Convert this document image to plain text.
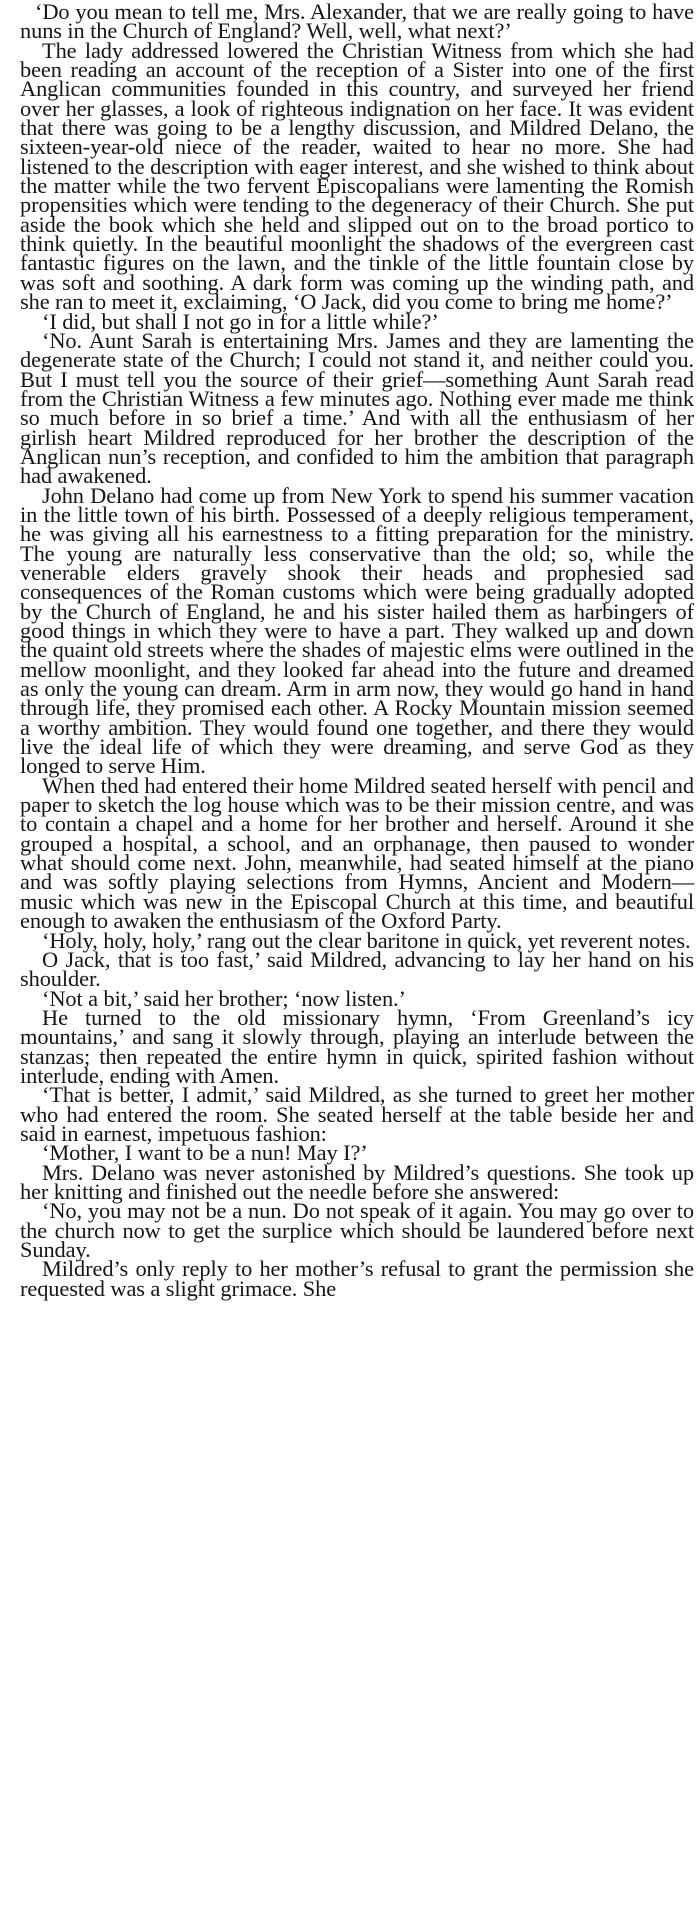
‘Do you mean to tell me, Mrs. Alexander, that we are really going to have nuns in the Church of England? Well, well, what next?’

The lady addressed lowered the Christian Witness from which she had been reading an account of the reception of a Sister into one of the first Anglican communities founded in this country, and surveyed her friend over her glasses, a look of righteous indignation on her face. It was evident that there was going to be a lengthy discussion, and Mildred Delano, the sixteen-year-old niece of the reader, waited to hear no more. She had listened to the description with eager interest, and she wished to think about the matter while the two fervent Episcopalians were lamenting the Romish propensities which were tending to the degeneracy of their Church. She put aside the book which she held and slipped out on to the broad portico to think quietly. In the beautiful moonlight the shadows of the evergreen cast fantastic figures on the lawn, and the tinkle of the little fountain close by was soft and soothing. A dark form was coming up the winding path, and she ran to meet it, exclaiming, ‘O Jack, did you come to bring me home?’

‘I did, but shall I not go in for a little while?’

‘No. Aunt Sarah is entertaining Mrs. James and they are lamenting the degenerate state of the Church; I could not stand it, and neither could you. But I must tell you the source of their grief—something Aunt Sarah read from the Christian Witness a few minutes ago. Nothing ever made me think so much before in so brief a time.’ And with all the enthusiasm of her girlish heart Mildred reproduced for her brother the description of the Anglican nun’s reception, and confided to him the ambition that paragraph had awakened.

John Delano had come up from New York to spend his summer vacation in the little town of his birth. Possessed of a deeply religious temperament, he was giving all his earnestness to a fitting preparation for the ministry. The young are naturally less conservative than the old; so, while the venerable elders gravely shook their heads and prophesied sad consequences of the Roman customs which were being gradually adopted by the Church of England, he and his sister hailed them as harbingers of good things in which they were to have a part. They walked up and down the quaint old streets where the shades of majestic elms were outlined in the mellow moonlight, and they looked far ahead into the future and dreamed as only the young can dream. Arm in arm now, they would go hand in hand through life, they promised each other. A Rocky Mountain mission seemed a worthy ambition. They would found one together, and there they would live the ideal life of which they were dreaming, and serve God as they longed to serve Him.

When thed had entered their home Mildred seated herself with pencil and paper to sketch the log house which was to be their mission centre, and was to contain a chapel and a home for her brother and herself. Around it she grouped a hospital, a school, and an orphanage, then paused to wonder what should come next. John, meanwhile, had seated himself at the piano and was softly playing selections from Hymns, Ancient and Modern— music which was new in the Episcopal Church at this time, and beautiful enough to awaken the enthusiasm of the Oxford Party.

‘Holy, holy, holy,’ rang out the clear baritone in quick, yet reverent notes.

O Jack, that is too fast,’ said Mildred, advancing to lay her hand on his shoulder.

‘Not a bit,’ said her brother; ‘now listen.’

He turned to the old missionary hymn, ‘From Greenland’s icy mountains,’ and sang it slowly through, playing an interlude between the stanzas; then repeated the entire hymn in quick, spirited fashion without interlude, ending with Amen.

‘That is better, I admit,’ said Mildred, as she turned to greet her mother who had entered the room. She seated herself at the table beside her and said in earnest, impetuous fashion:

‘Mother, I want to be a nun! May I?’

Mrs. Delano was never astonished by Mildred’s questions. She took up her knitting and finished out the needle before she answered:

‘No, you may not be a nun. Do not speak of it again. You may go over to the church now to get the surplice which should be laundered before next Sunday.

Mildred’s only reply to her mother’s refusal to grant the permission she requested was a slight grimace. She
